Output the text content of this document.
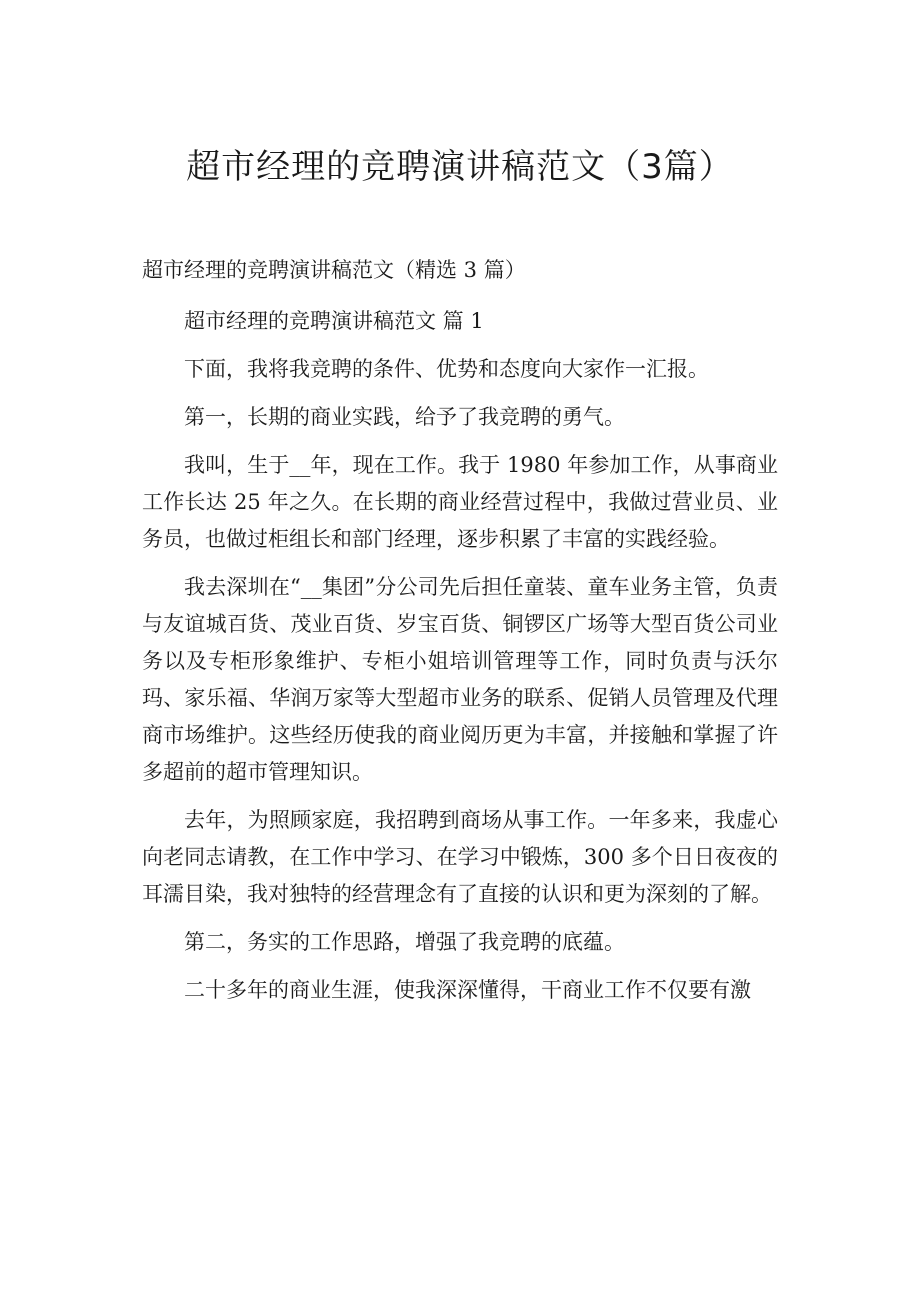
超市经理的竞聘演讲稿范文（3篇）

超市经理的竞聘演讲稿范文（精选 3 篇）

超市经理的竞聘演讲稿范文 篇 1

下面，我将我竞聘的条件、优势和态度向大家作一汇报。

第一，长期的商业实践，给予了我竞聘的勇气。

我叫，生于__年，现在工作。我于 1980 年参加工作，从事商业工作长达 25 年之久。在长期的商业经营过程中，我做过营业员、业务员，也做过柜组长和部门经理，逐步积累了丰富的实践经验。

我去深圳在“__集团”分公司先后担任童装、童车业务主管，负责与友谊城百货、茂业百货、岁宝百货、铜锣区广场等大型百货公司业务以及专柜形象维护、专柜小姐培训管理等工作，同时负责与沃尔玛、家乐福、华润万家等大型超市业务的联系、促销人员管理及代理商市场维护。这些经历使我的商业阅历更为丰富，并接触和掌握了许多超前的超市管理知识。

去年，为照顾家庭，我招聘到商场从事工作。一年多来，我虚心向老同志请教，在工作中学习、在学习中锻炼，300 多个日日夜夜的耳濡目染，我对独特的经营理念有了直接的认识和更为深刻的了解。

第二，务实的工作思路，增强了我竞聘的底蕴。

二十多年的商业生涯，使我深深懂得，干商业工作不仅要有激
